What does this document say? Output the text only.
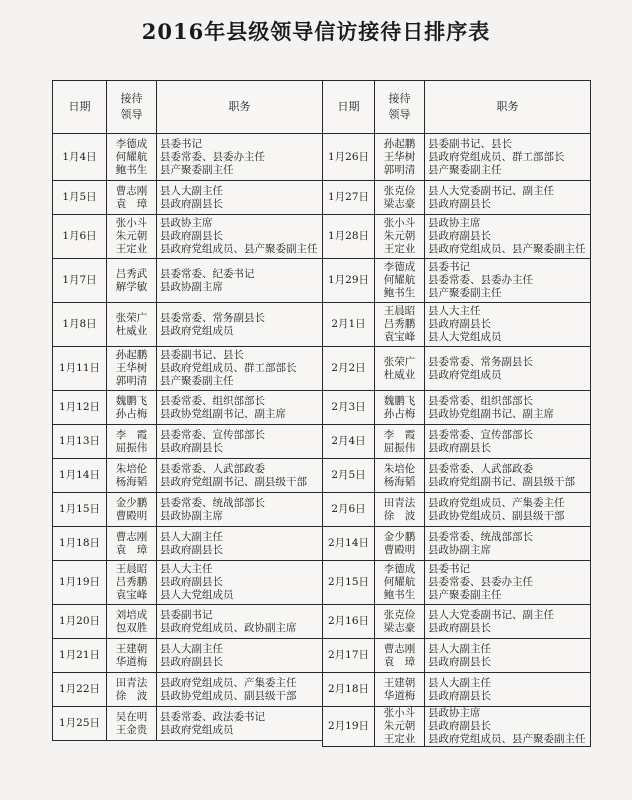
2016年县级领导信访接待日排序表
日期	接待
领导	职务
1月4日	李德成
何耀航
鲍书生	县委书记
县委常委、县委办主任
县产聚委副主任

1月5日	曹志刚
袁　璋	县人大副主任
县政府副县长

1月6日	张小斗
朱元朝
王定业	县政协主席
县政府副县长
县政府党组成员、县产聚委副主任

1月7日	吕秀武
解学敏	县委常委、纪委书记
县政协副主席

1月8日	张荣广
杜威业	县委常委、常务副县长
县政府党组成员

1月11日	孙起鹏
王华树
郭明清	县委副书记、县长
县政府党组成员、群工部部长
县产聚委副主任

1月12日	魏鹏飞
孙占梅	县委常委、组织部部长
县政协党组副书记、副主席

1月13日	李　霞
屈振伟	县委常委、宣传部部长
县政府副县长

1月14日	朱培伦
杨海韬	县委常委、人武部政委
县政府党组副书记、副县级干部

1月15日	金少鹏
曹殿明	县委常委、统战部部长
县政协副主席

1月18日	曹志刚
袁　璋	县人大副主任
县政府副县长

1月19日	王晨昭
吕秀鹏
袁宝峰	县人大主任
县政府副县长
县人大党组成员

1月20日	刘培成
包双胜	县委副书记
县政府党组成员、政协副主席

1月21日	王建朝
华道梅	县人大副主任
县政府副县长

1月22日	田青法
徐　波	县政府党组成员、产集委主任
县政协党组成员、副县级干部

1月25日	吴在明
王金贵	县委常委、政法委书记
县政府党组成员
日期	接待
领导	职务
1月26日	孙起鹏
王华树
郭明清	县委副书记、县长
县政府党组成员、群工部部长
县产聚委副主任

1月27日	张克俭
梁志豪	县人大党委副书记、副主任
县政府副县长

1月28日	张小斗
朱元朝
王定业	县政协主席
县政府副县长
县政府党组成员、县产聚委副主任

1月29日	李德成
何耀航
鲍书生	县委书记
县委常委、县委办主任
县产聚委副主任

2月1日	王晨昭
吕秀鹏
袁宝峰	县人大主任
县政府副县长
县人大党组成员

2月2日	张荣广
杜威业	县委常委、常务副县长
县政府党组成员

2月3日	魏鹏飞
孙占梅	县委常委、组织部部长
县政协党组副书记、副主席

2月4日	李　霞
屈振伟	县委常委、宣传部部长
县政府副县长

2月5日	朱培伦
杨海韬	县委常委、人武部政委
县政府党组副书记、副县级干部

2月6日	田青法
徐　波	县政府党组成员、产集委主任
县政协党组成员、副县级干部

2月14日	金少鹏
曹殿明	县委常委、统战部部长
县政协副主席

2月15日	李德成
何耀航
鲍书生	县委书记
县委常委、县委办主任
县产聚委副主任

2月16日	张克俭
梁志豪	县人大党委副书记、副主任
县政府副县长

2月17日	曹志刚
袁　璋	县人大副主任
县政府副县长

2月18日	王建朝
华道梅	县人大副主任
县政府副县长

2月19日	张小斗
朱元朝
王定业	县政协主席
县政府副县长
县政府党组成员、县产聚委副主任
